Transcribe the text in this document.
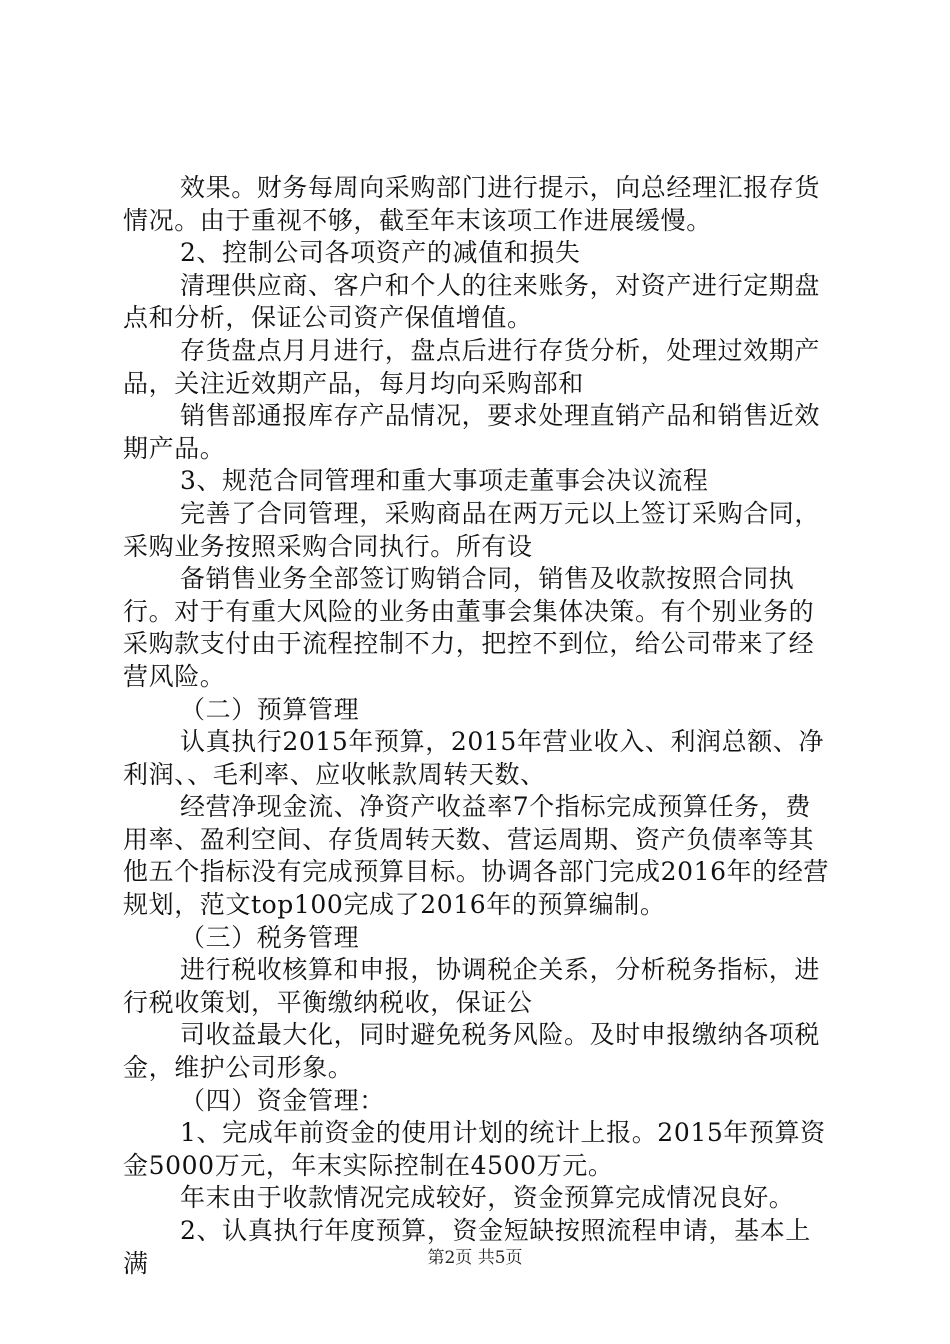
效果。财务每周向采购部门进行提示，向总经理汇报存货情况。由于重视不够，截至年末该项工作进展缓慢。

2、控制公司各项资产的减值和损失

清理供应商、客户和个人的往来账务，对资产进行定期盘点和分析，保证公司资产保值增值。

存货盘点月月进行，盘点后进行存货分析，处理过效期产品，关注近效期产品，每月均向采购部和

销售部通报库存产品情况，要求处理直销产品和销售近效期产品。

3、规范合同管理和重大事项走董事会决议流程

完善了合同管理，采购商品在两万元以上签订采购合同，采购业务按照采购合同执行。所有设

备销售业务全部签订购销合同，销售及收款按照合同执行。对于有重大风险的业务由董事会集体决策。有个别业务的采购款支付由于流程控制不力，把控不到位，给公司带来了经营风险。

（二）预算管理

认真执行2015年预算，2015年营业收入、利润总额、净利润、、毛利率、应收帐款周转天数、

经营净现金流、净资产收益率7个指标完成预算任务，费用率、盈利空间、存货周转天数、营运周期、资产负债率等其他五个指标没有完成预算目标。协调各部门完成2016年的经营规划，范文top100完成了2016年的预算编制。

（三）税务管理

进行税收核算和申报，协调税企关系，分析税务指标，进行税收策划，平衡缴纳税收，保证公

司收益最大化，同时避免税务风险。及时申报缴纳各项税金，维护公司形象。

（四）资金管理：

1、完成年前资金的使用计划的统计上报。2015年预算资金5000万元，年末实际控制在4500万元。

年末由于收款情况完成较好，资金预算完成情况良好。

2、认真执行年度预算，资金短缺按照流程申请，基本上满	第2页 共5页
